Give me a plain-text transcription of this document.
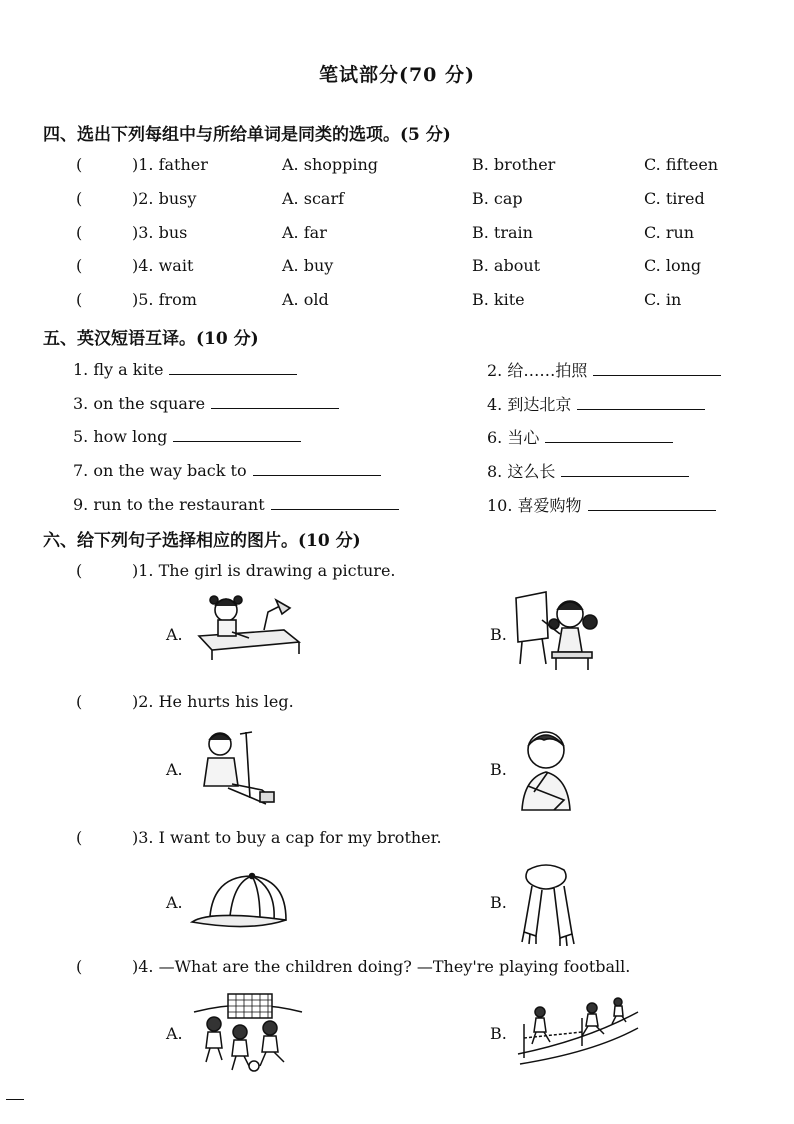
笔试部分(70 分)
四、选出下列每组中与所给单词是同类的选项。(5 分)
(	)1. father	A. shopping	B. brother	C. fifteen
(	)2. busy	A. scarf	B. cap	C. tired
(	)3. bus	A. far	B. train	C. run
(	)4. wait	A. buy	B. about	C. long
(	)5. from	A. old	B. kite	C. in
五、英汉短语互译。(10 分)
1. fly a kite	2. 给……拍照
3. on the square	4. 到达北京
5. how long	6. 当心
7. on the way back to	8. 这么长
9. run to the restaurant	10. 喜爱购物
六、给下列句子选择相应的图片。(10 分)
(	)1. The girl is drawing a picture.
A.	B.
(	)2. He hurts his leg.
A.	B.
(	)3. I want to buy a cap for my brother.
A.	B.
(	)4. —What are the children doing? —They're playing football.
A.	B.
